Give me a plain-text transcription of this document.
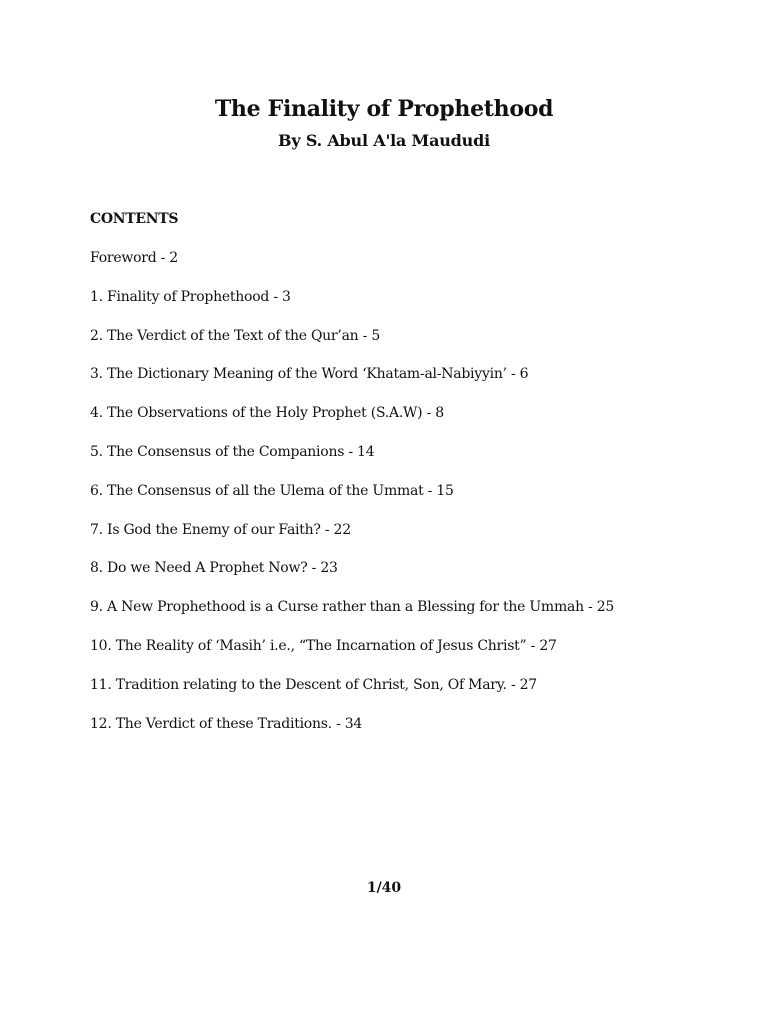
The Finality of Prophethood
By S. Abul A'la Maududi
CONTENTS
Foreword - 2
1. Finality of Prophethood - 3
2. The Verdict of the Text of the Qur’an - 5
3. The Dictionary Meaning of the Word ‘Khatam-al-Nabiyyin’ - 6
4. The Observations of the Holy Prophet (S.A.W) - 8
5. The Consensus of the Companions - 14
6. The Consensus of all the Ulema of the Ummat - 15
7. Is God the Enemy of our Faith? - 22
8. Do we Need A Prophet Now? - 23
9. A New Prophethood is a Curse rather than a Blessing for the Ummah - 25
10. The Reality of ‘Masih’ i.e., “The Incarnation of Jesus Christ” - 27
11. Tradition relating to the Descent of Christ, Son, Of Mary. - 27
12. The Verdict of these Traditions. - 34
1/40
